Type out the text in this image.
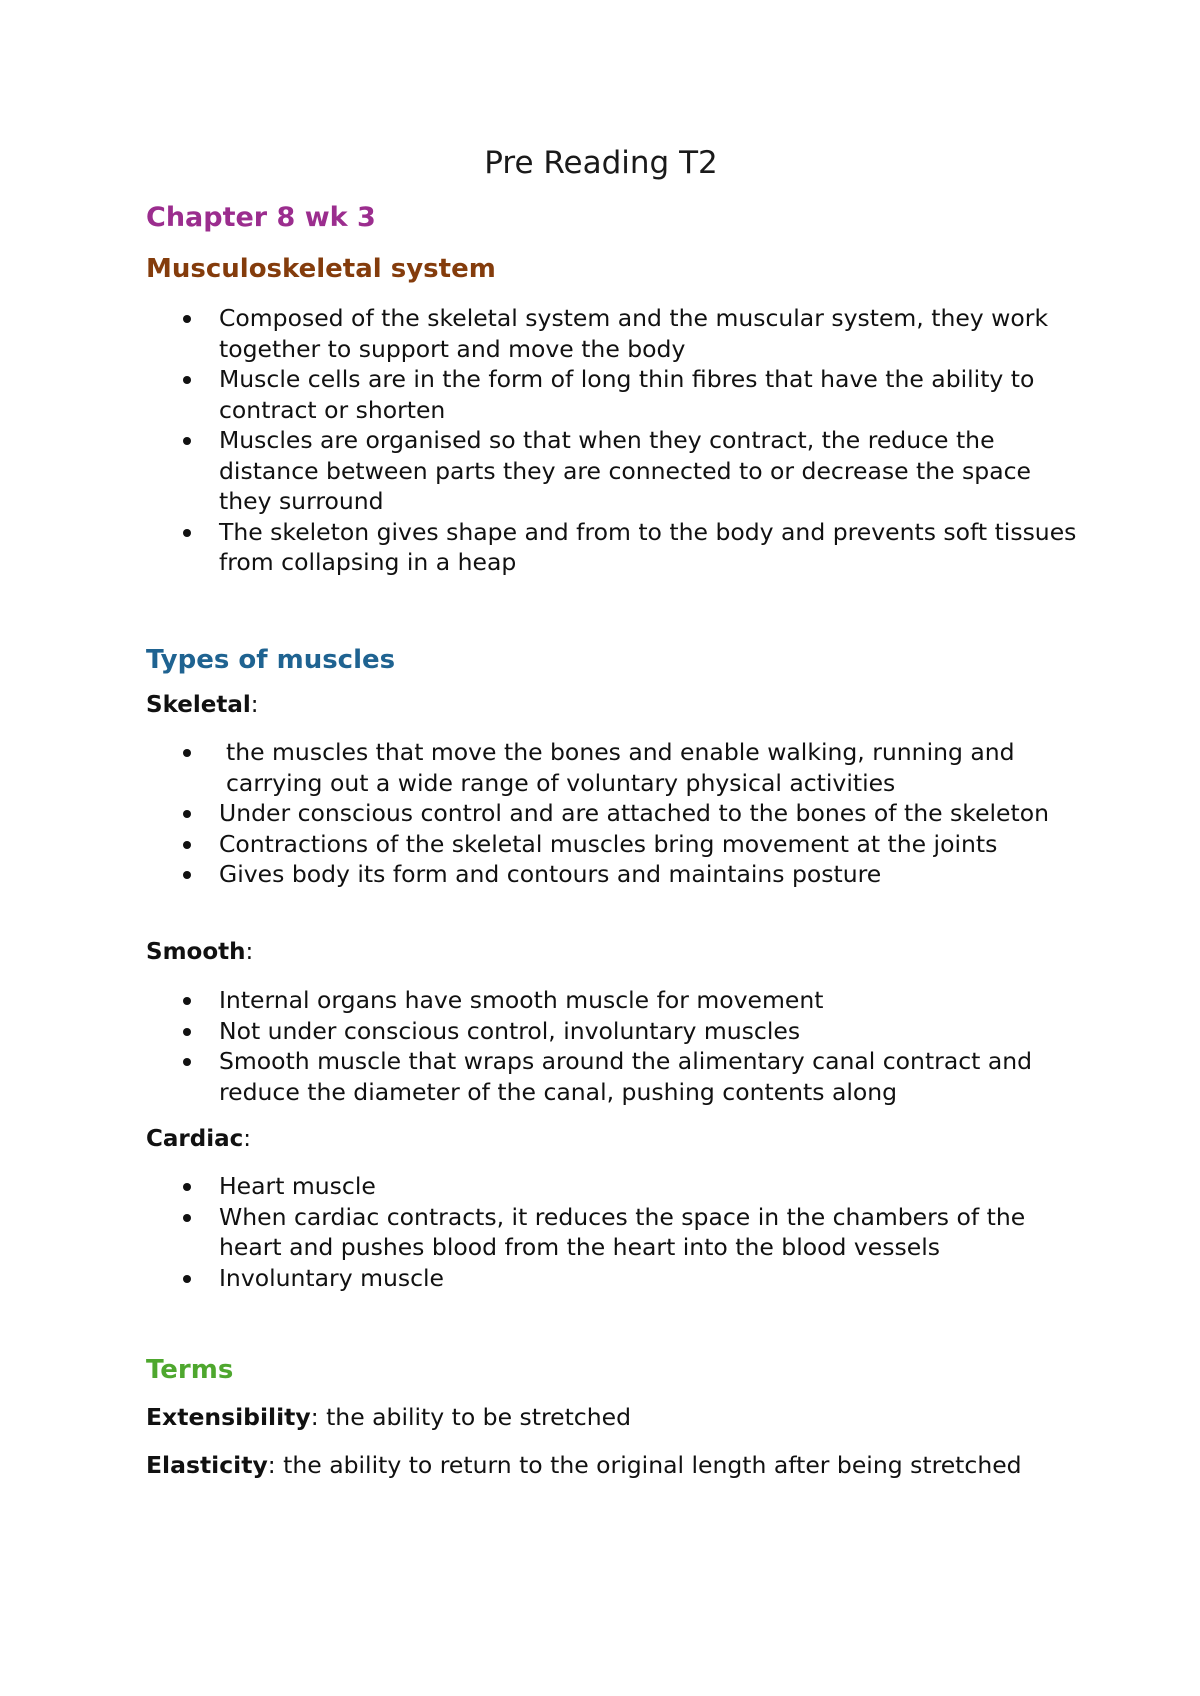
Pre Reading T2
Chapter 8 wk 3
Musculoskeletal system
Composed of the skeletal system and the muscular system, they work together to support and move the body
Muscle cells are in the form of long thin fibres that have the ability to contract or shorten
Muscles are organised so that when they contract, the reduce the distance between parts they are connected to or decrease the space they surround
The skeleton gives shape and from to the body and prevents soft tissues from collapsing in a heap
Types of muscles

Skeletal:

the muscles that move the bones and enable walking, running and carrying out a wide range of voluntary physical activities
Under conscious control and are attached to the bones of the skeleton
Contractions of the skeletal muscles bring movement at the joints
Gives body its form and contours and maintains posture

Smooth:

Internal organs have smooth muscle for movement
Not under conscious control, involuntary muscles
Smooth muscle that wraps around the alimentary canal contract and reduce the diameter of the canal, pushing contents along

Cardiac:

Heart muscle
When cardiac contracts, it reduces the space in the chambers of the heart and pushes blood from the heart into the blood vessels
Involuntary muscle
Terms

Extensibility: the ability to be stretched

Elasticity: the ability to return to the original length after being stretched
